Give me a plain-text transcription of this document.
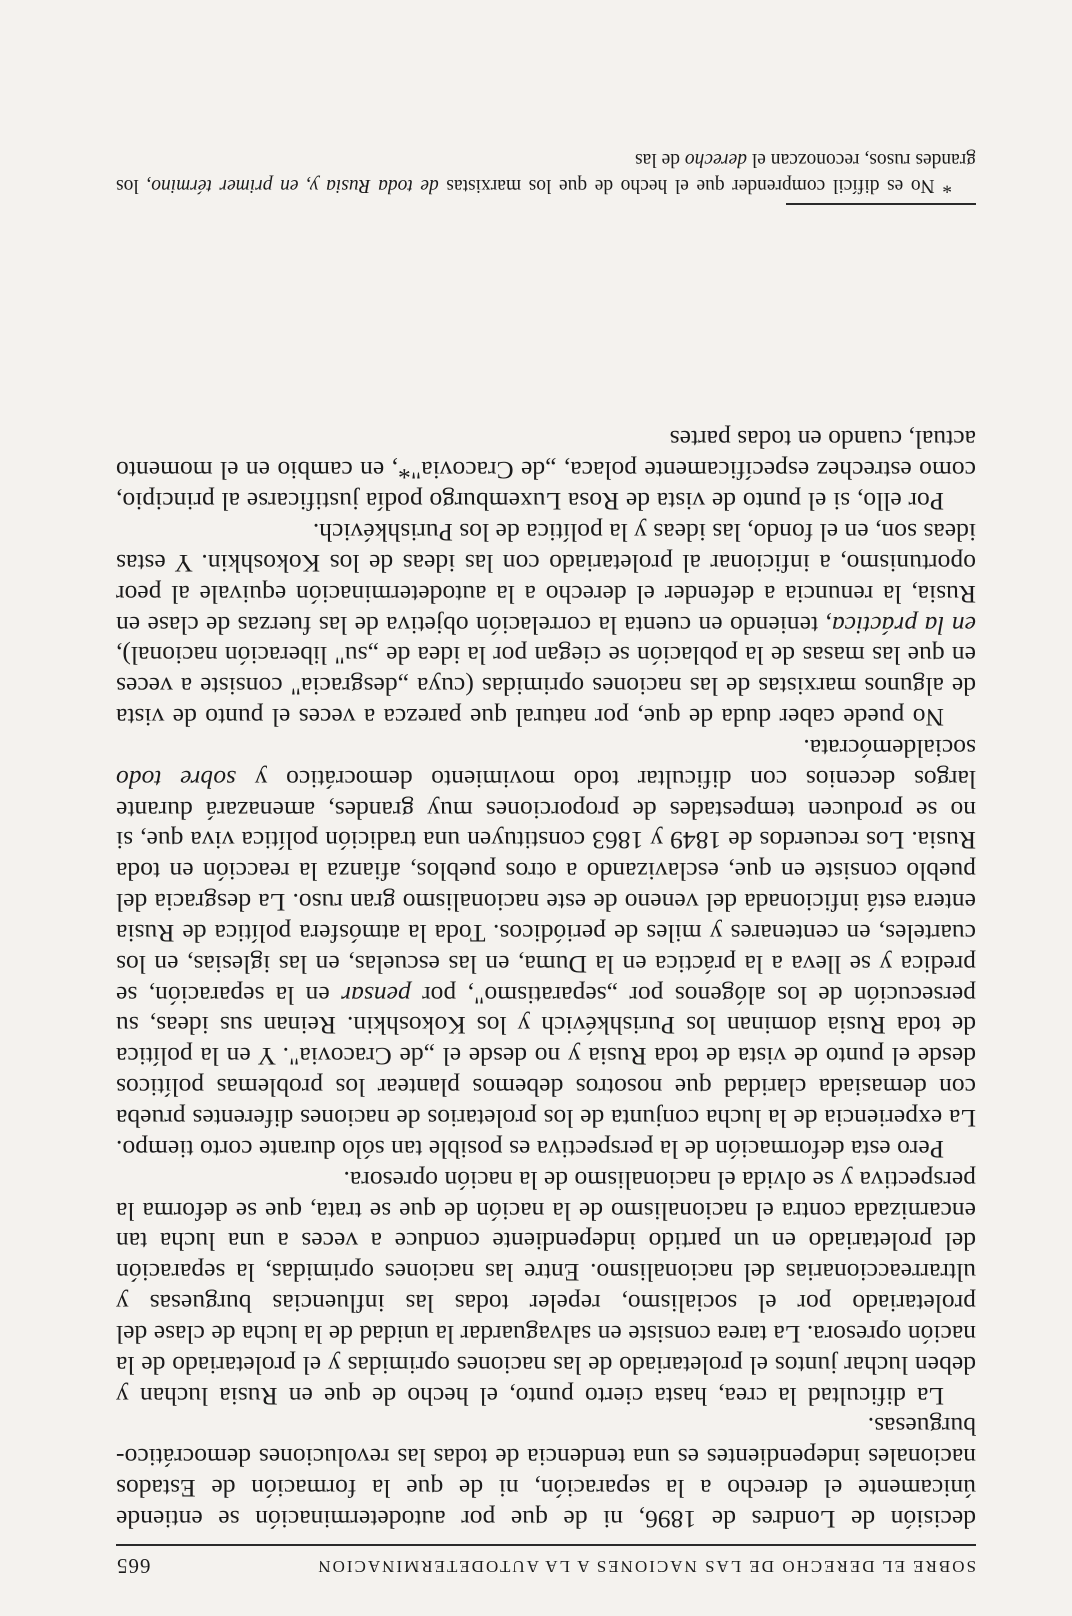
SOBRE EL DERECHO DE LAS NACIONES A LA AUTODETERMINACION
665

decisión de Londres de 1896, ni de que por autodeterminación se entiende únicamente el derecho a la separación, ni de que la formación de Estados nacionales independientes es una tendencia de todas las revoluciones democrático-burguesas.

La dificultad la crea, hasta cierto punto, el hecho de que en Rusia luchan y deben luchar juntos el proletariado de las naciones oprimidas y el proletariado de la nación opresora. La tarea consiste en salvaguardar la unidad de la lucha de clase del proletariado por el socialismo, repeler todas las influencias burguesas y ultrarreaccionarias del nacionalismo. Entre las naciones oprimidas, la separación del proletariado en un partido independiente conduce a veces a una lucha tan encarnizada contra el nacionalismo de la nación de que se trata, que se deforma la perspectiva y se olvida el nacionalismo de la nación opresora.

Pero esta deformación de la perspectiva es posible tan sólo durante corto tiempo. La experiencia de la lucha conjunta de los proletarios de naciones diferentes prueba con demasiada claridad que nosotros debemos plantear los problemas políticos desde el punto de vista de toda Rusia y no desde el „de Cracovia". Y en la política de toda Rusia dominan los Purishkévich y los Kokoshkin. Reinan sus ideas, su persecución de los alógenos por „separatismo", por pensar en la separación, se predica y se lleva a la práctica en la Duma, en las escuelas, en las iglesias, en los cuarteles, en centenares y miles de periódicos. Toda la atmósfera política de Rusia entera está inficionada del veneno de este nacionalismo gran ruso. La desgracia del pueblo consiste en que, esclavizando a otros pueblos, afianza la reacción en toda Rusia. Los recuerdos de 1849 y 1863 constituyen una tradición política viva que, si no se producen tempestades de proporciones muy grandes, amenazará durante largos decenios con dificultar todo movimiento democrático y sobre todo socialdemócrata.

No puede caber duda de que, por natural que parezca a veces el punto de vista de algunos marxistas de las naciones oprimidas (cuya „desgracia" consiste a veces en que las masas de la población se ciegan por la idea de „su" liberación nacional), en la práctica, teniendo en cuenta la correlación objetiva de las fuerzas de clase en Rusia, la renuncia a defender el derecho a la autodeterminación equivale al peor oportunismo, a inficionar al proletariado con las ideas de los Kokoshkin. Y estas ideas son, en el fondo, las ideas y la política de los Purishkévich.

Por ello, si el punto de vista de Rosa Luxemburgo podía justificarse al principio, como estrechez específicamente polaca, „de Cracovia"*, en cambio en el momento actual, cuando en todas partes

* No es difícil comprender que el hecho de que los marxistas de toda Rusia y, en primer término, los grandes rusos, reconozcan el derecho de las
